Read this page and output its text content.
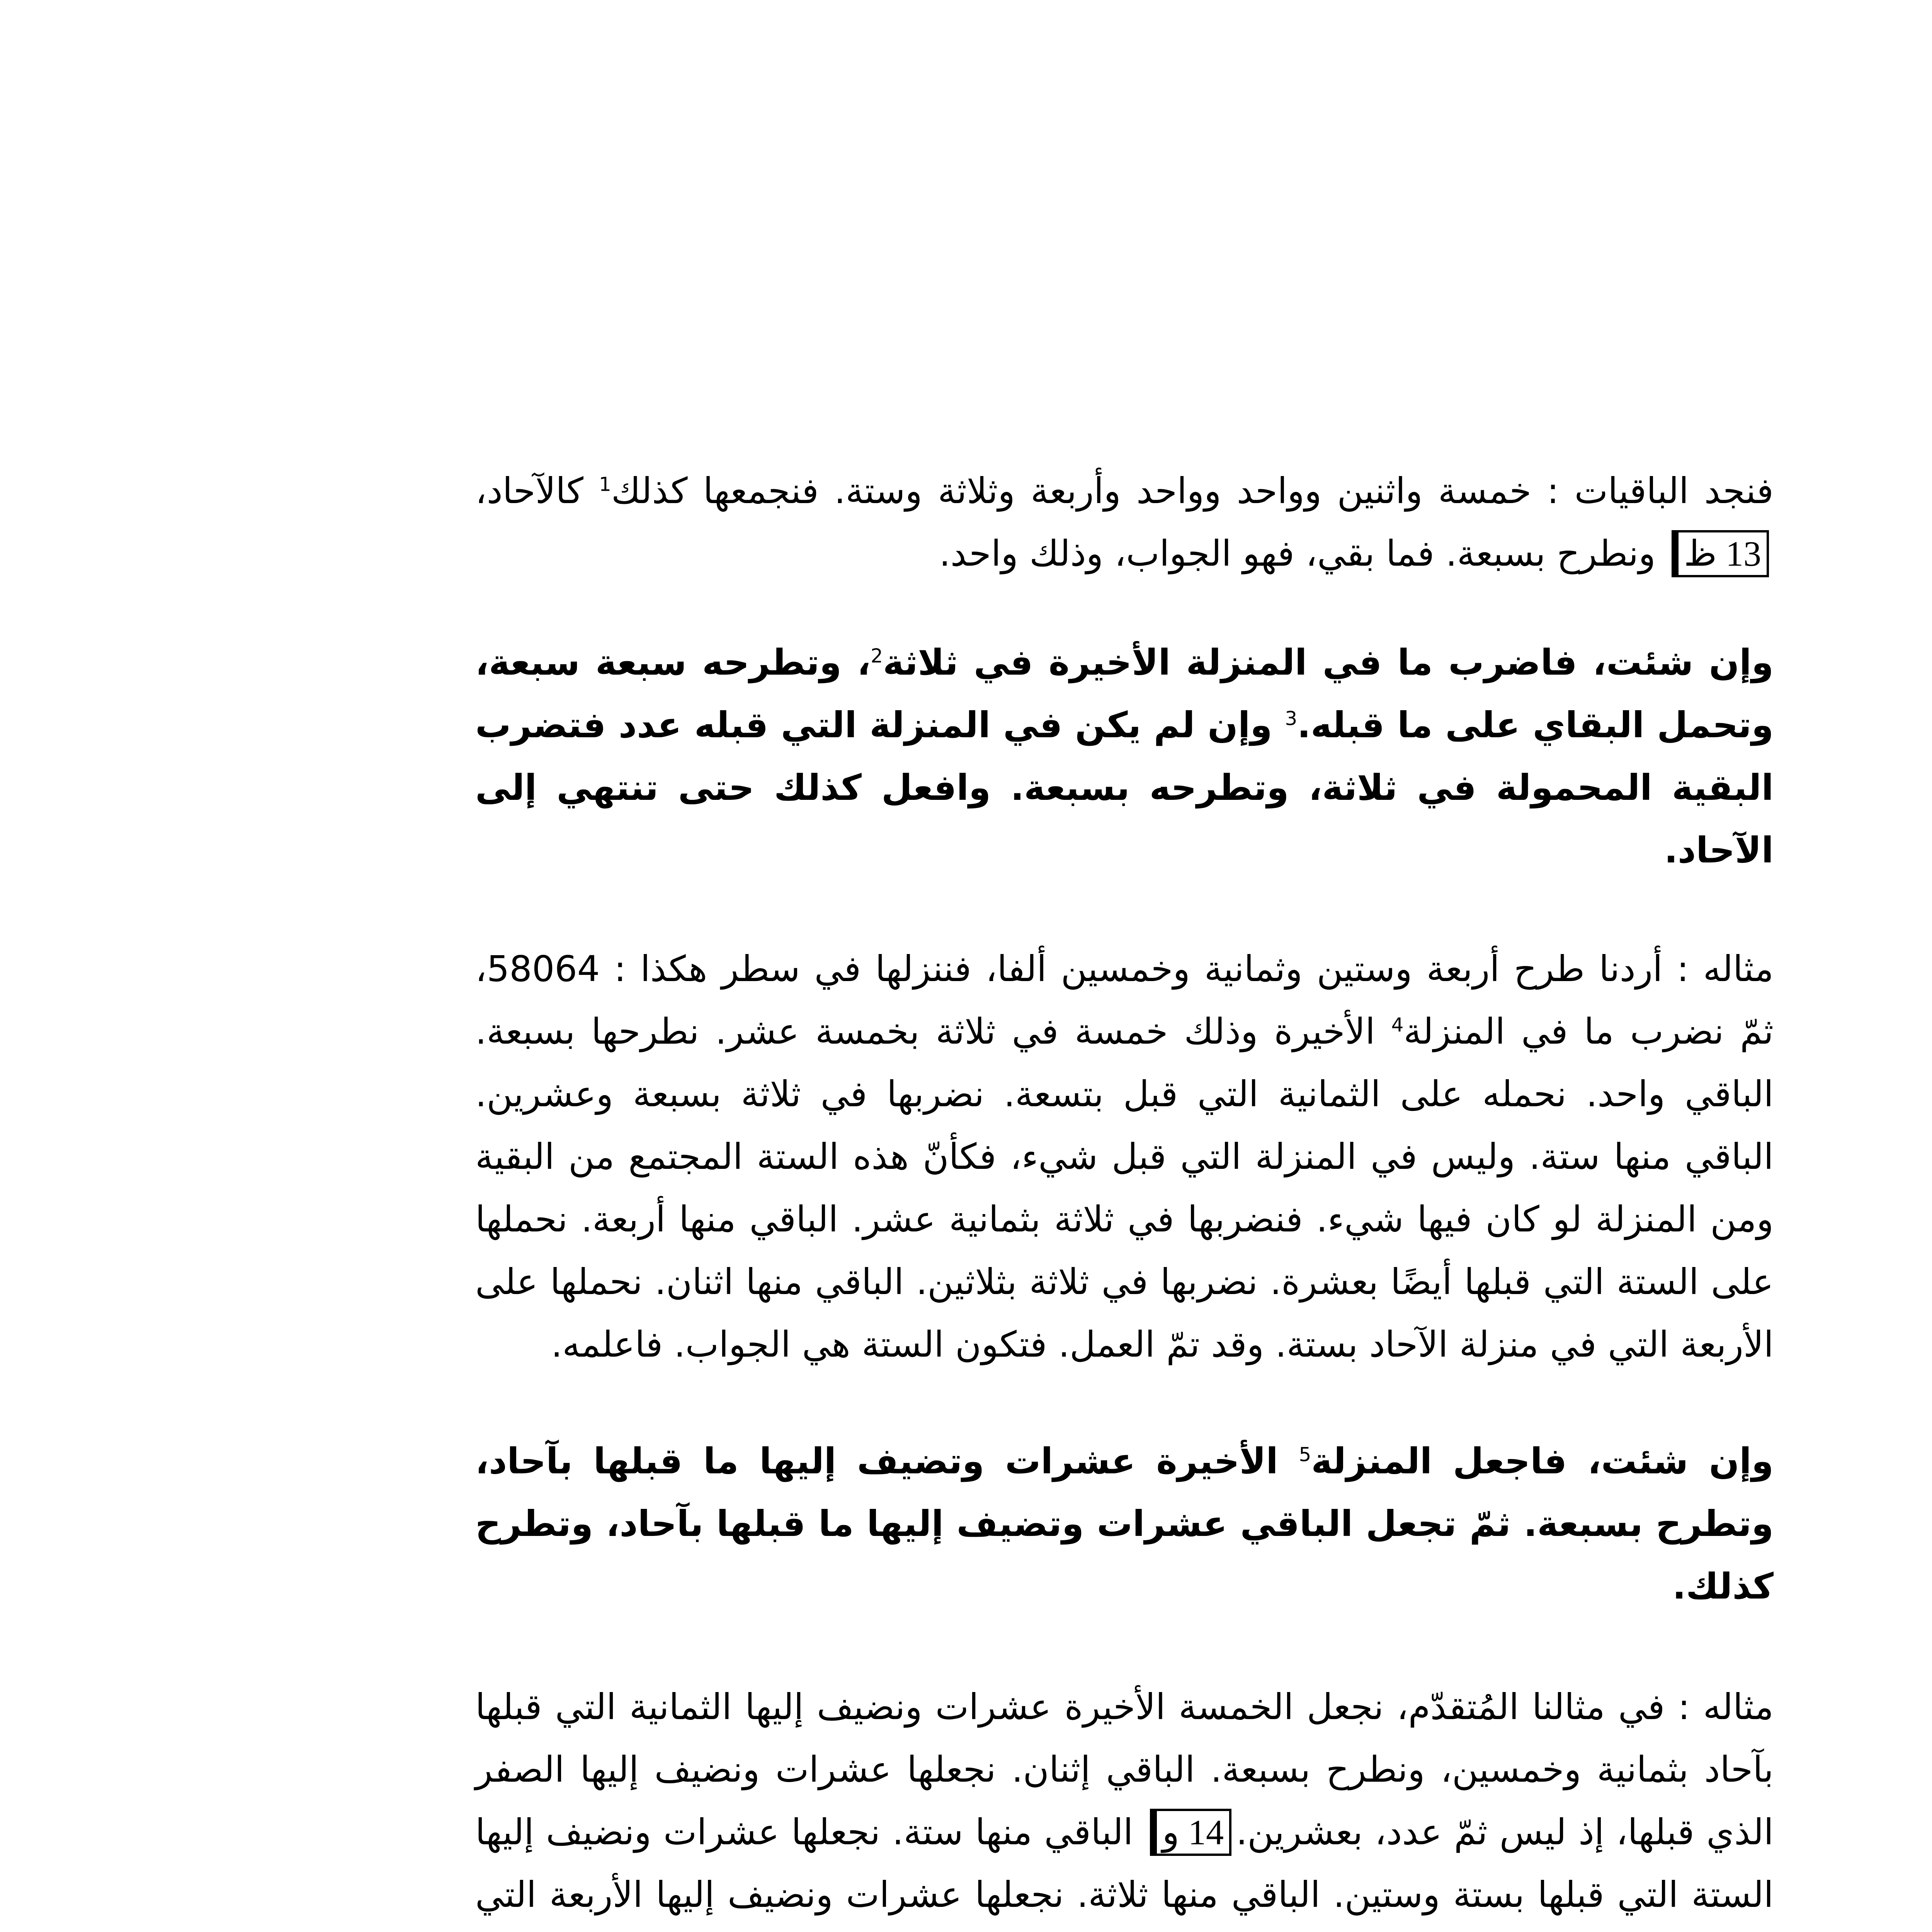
فنجد الباقيات : خمسة واثنين وواحد وواحد وأربعة وثلاثة وستة. فنجمعها كذلك$^1$ كالآحاد،13 ظ ونطرح بسبعة. فما بقي، فهو الجواب، وذلك واحد.

وإن شئت، فاضرب ما في المنزلة الأخيرة في ثلاثة$^2$، وتطرحه سبعة سبعة، وتحمل البقاي على ما قبله.$^3$ وإن لم يكن في المنزلة التي قبله عدد فتضرب البقية المحمولة في ثلاثة، وتطرحه بسبعة. وافعل كذلك حتى تنتهي إلى الآحاد.

مثاله : أردنا طرح أربعة وستين وثمانية وخمسين ألفا، فننزلها في سطر هكذا : 58064، ثمّ نضرب ما في المنزلة$^4$ الأخيرة وذلك خمسة في ثلاثة بخمسة عشر. نطرحها بسبعة. الباقي واحد. نحمله على الثمانية التي قبل بتسعة. نضربها في ثلاثة بسبعة وعشرين. الباقي منها ستة. وليس في المنزلة التي قبل شيء، فكأنّ هذه الستة المجتمع من البقية ومن المنزلة لو كان فيها شيء. فنضربها في ثلاثة بثمانية عشر. الباقي منها أربعة. نحملها على الستة التي قبلها أيضًا بعشرة. نضربها في ثلاثة بثلاثين. الباقي منها اثنان. نحملها على الأربعة التي في منزلة الآحاد بستة. وقد تمّ العمل. فتكون الستة هي الجواب. فاعلمه.

وإن شئت، فاجعل المنزلة$^5$ الأخيرة عشرات وتضيف إليها ما قبلها بآحاد، وتطرح بسبعة. ثمّ تجعل الباقي عشرات وتضيف إليها ما قبلها بآحاد، وتطرح كذلك.

مثاله : في مثالنا المُتقدّم، نجعل الخمسة الأخيرة عشرات ونضيف إليها الثمانية التي قبلها بآحاد بثمانية وخمسين، ونطرح بسبعة. الباقي إثنان. نجعلها عشرات ونضيف إليها الصفر الذي قبلها، إذ ليس ثمّ عدد، بعشرين.14 و الباقي منها ستة. نجعلها عشرات ونضيف إليها الستة التي قبلها بستة وستين. الباقي منها ثلاثة. نجعلها عشرات ونضيف إليها الأربعة التي
